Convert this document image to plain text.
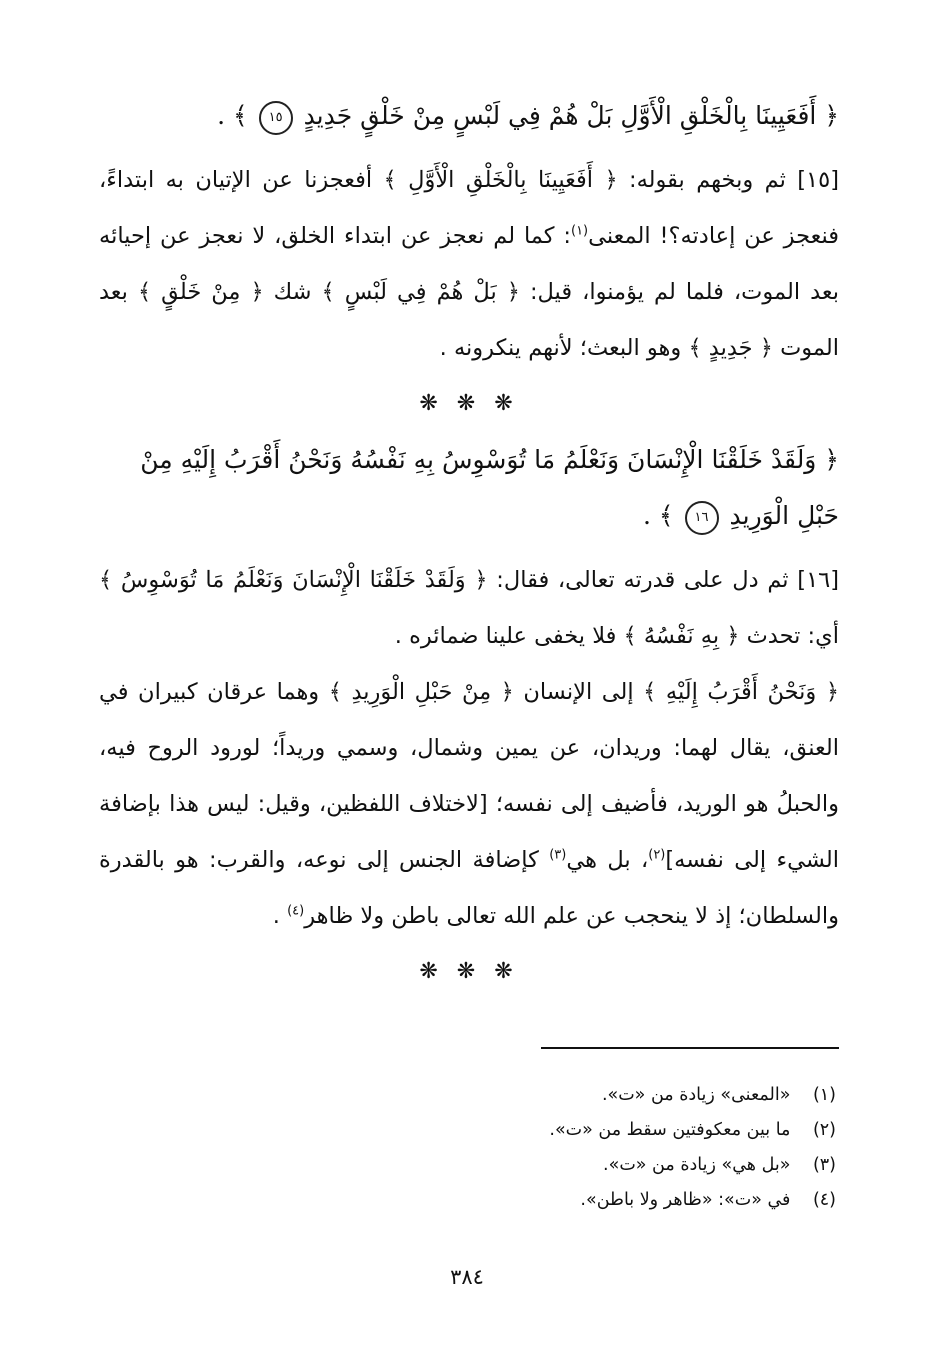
﴿ أَفَعَيِينَا بِالْخَلْقِ الْأَوَّلِ بَلْ هُمْ فِي لَبْسٍ مِنْ خَلْقٍ جَدِيدٍ ١٥ ﴾ .

[١٥] ثم وبخهم بقوله: ﴿ أَفَعَيِينَا بِالْخَلْقِ الْأَوَّلِ ﴾ أفعجزنا عن الإتيان به ابتداءً، فنعجز عن إعادته؟! المعنى$^{(١)}$: كما لم نعجز عن ابتداء الخلق، لا نعجز عن إحيائه بعد الموت، فلما لم يؤمنوا، قيل: ﴿ بَلْ هُمْ فِي لَبْسٍ ﴾ شك ﴿ مِنْ خَلْقٍ ﴾ بعد الموت ﴿ جَدِيدٍ ﴾ وهو البعث؛ لأنهم ينكرونه .

❋ ❋ ❋

﴿ وَلَقَدْ خَلَقْنَا الْإِنْسَانَ وَنَعْلَمُ مَا تُوَسْوِسُ بِهِ نَفْسُهُ وَنَحْنُ أَقْرَبُ إِلَيْهِ مِنْ حَبْلِ الْوَرِيدِ ١٦ ﴾ .

[١٦] ثم دل على قدرته تعالى، فقال: ﴿ وَلَقَدْ خَلَقْنَا الْإِنْسَانَ وَنَعْلَمُ مَا تُوَسْوِسُ ﴾ أي: تحدث ﴿ بِهِ نَفْسُهُ ﴾ فلا يخفى علينا ضمائره .

﴿ وَنَحْنُ أَقْرَبُ إِلَيْهِ ﴾ إلى الإنسان ﴿ مِنْ حَبْلِ الْوَرِيدِ ﴾ وهما عرقان كبيران في العنق، يقال لهما: وريدان، عن يمين وشمال، وسمي وريداً؛ لورود الروح فيه، والحبلُ هو الوريد، فأضيف إلى نفسه؛ [لاختلاف اللفظين، وقيل: ليس هذا بإضافة الشيء إلى نفسه]$^{(٢)}$، بل هي$^{(٣)}$ كإضافة الجنس إلى نوعه، والقرب: هو بالقدرة والسلطان؛ إذ لا ينحجب عن علم الله تعالى باطن ولا ظاهر$^{(٤)}$ .

❋ ❋ ❋

(١) «المعنى» زيادة من «ت».
(٢) ما بين معكوفتين سقط من «ت».
(٣) «بل هي» زيادة من «ت».
(٤) في «ت»: «ظاهر ولا باطن».
٣٨٤
